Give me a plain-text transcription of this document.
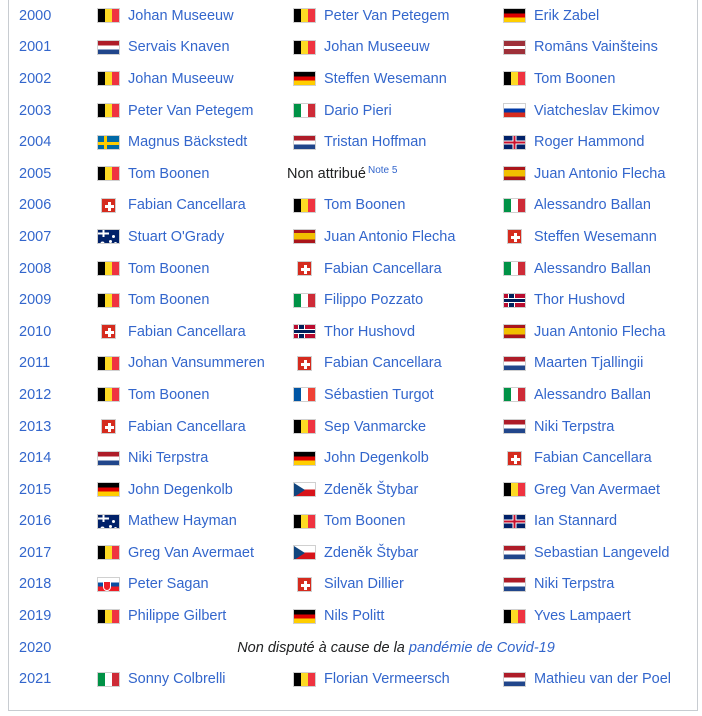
2000	Johan Museeuw	Peter Van Petegem	Erik Zabel

2001	Servais Knaven	Johan Museeuw	Romāns Vainšteins

2002	Johan Museeuw	Steffen Wesemann	Tom Boonen

2003	Peter Van Petegem	Dario Pieri	Viatcheslav Ekimov

2004	Magnus Bäckstedt	Tristan Hoffman	Roger Hammond

2005	Tom Boonen	Non attribué$^{Note 5}$	Juan Antonio Flecha

2006	Fabian Cancellara	Tom Boonen	Alessandro Ballan

2007	Stuart O'Grady	Juan Antonio Flecha	Steffen Wesemann

2008	Tom Boonen	Fabian Cancellara	Alessandro Ballan

2009	Tom Boonen	Filippo Pozzato	Thor Hushovd

2010	Fabian Cancellara	Thor Hushovd	Juan Antonio Flecha

2011	Johan Vansummeren	Fabian Cancellara	Maarten Tjallingii

2012	Tom Boonen	Sébastien Turgot	Alessandro Ballan

2013	Fabian Cancellara	Sep Vanmarcke	Niki Terpstra

2014	Niki Terpstra	John Degenkolb	Fabian Cancellara

2015	John Degenkolb	Zdeněk Štybar	Greg Van Avermaet

2016	Mathew Hayman	Tom Boonen	Ian Stannard

2017	Greg Van Avermaet	Zdeněk Štybar	Sebastian Langeveld

2018	Peter Sagan	Silvan Dillier	Niki Terpstra

2019	Philippe Gilbert	Nils Politt	Yves Lampaert

2020	Non disputé à cause de la pandémie de Covid-19		
2021	Sonny Colbrelli	Florian Vermeersch	Mathieu van der Poel
